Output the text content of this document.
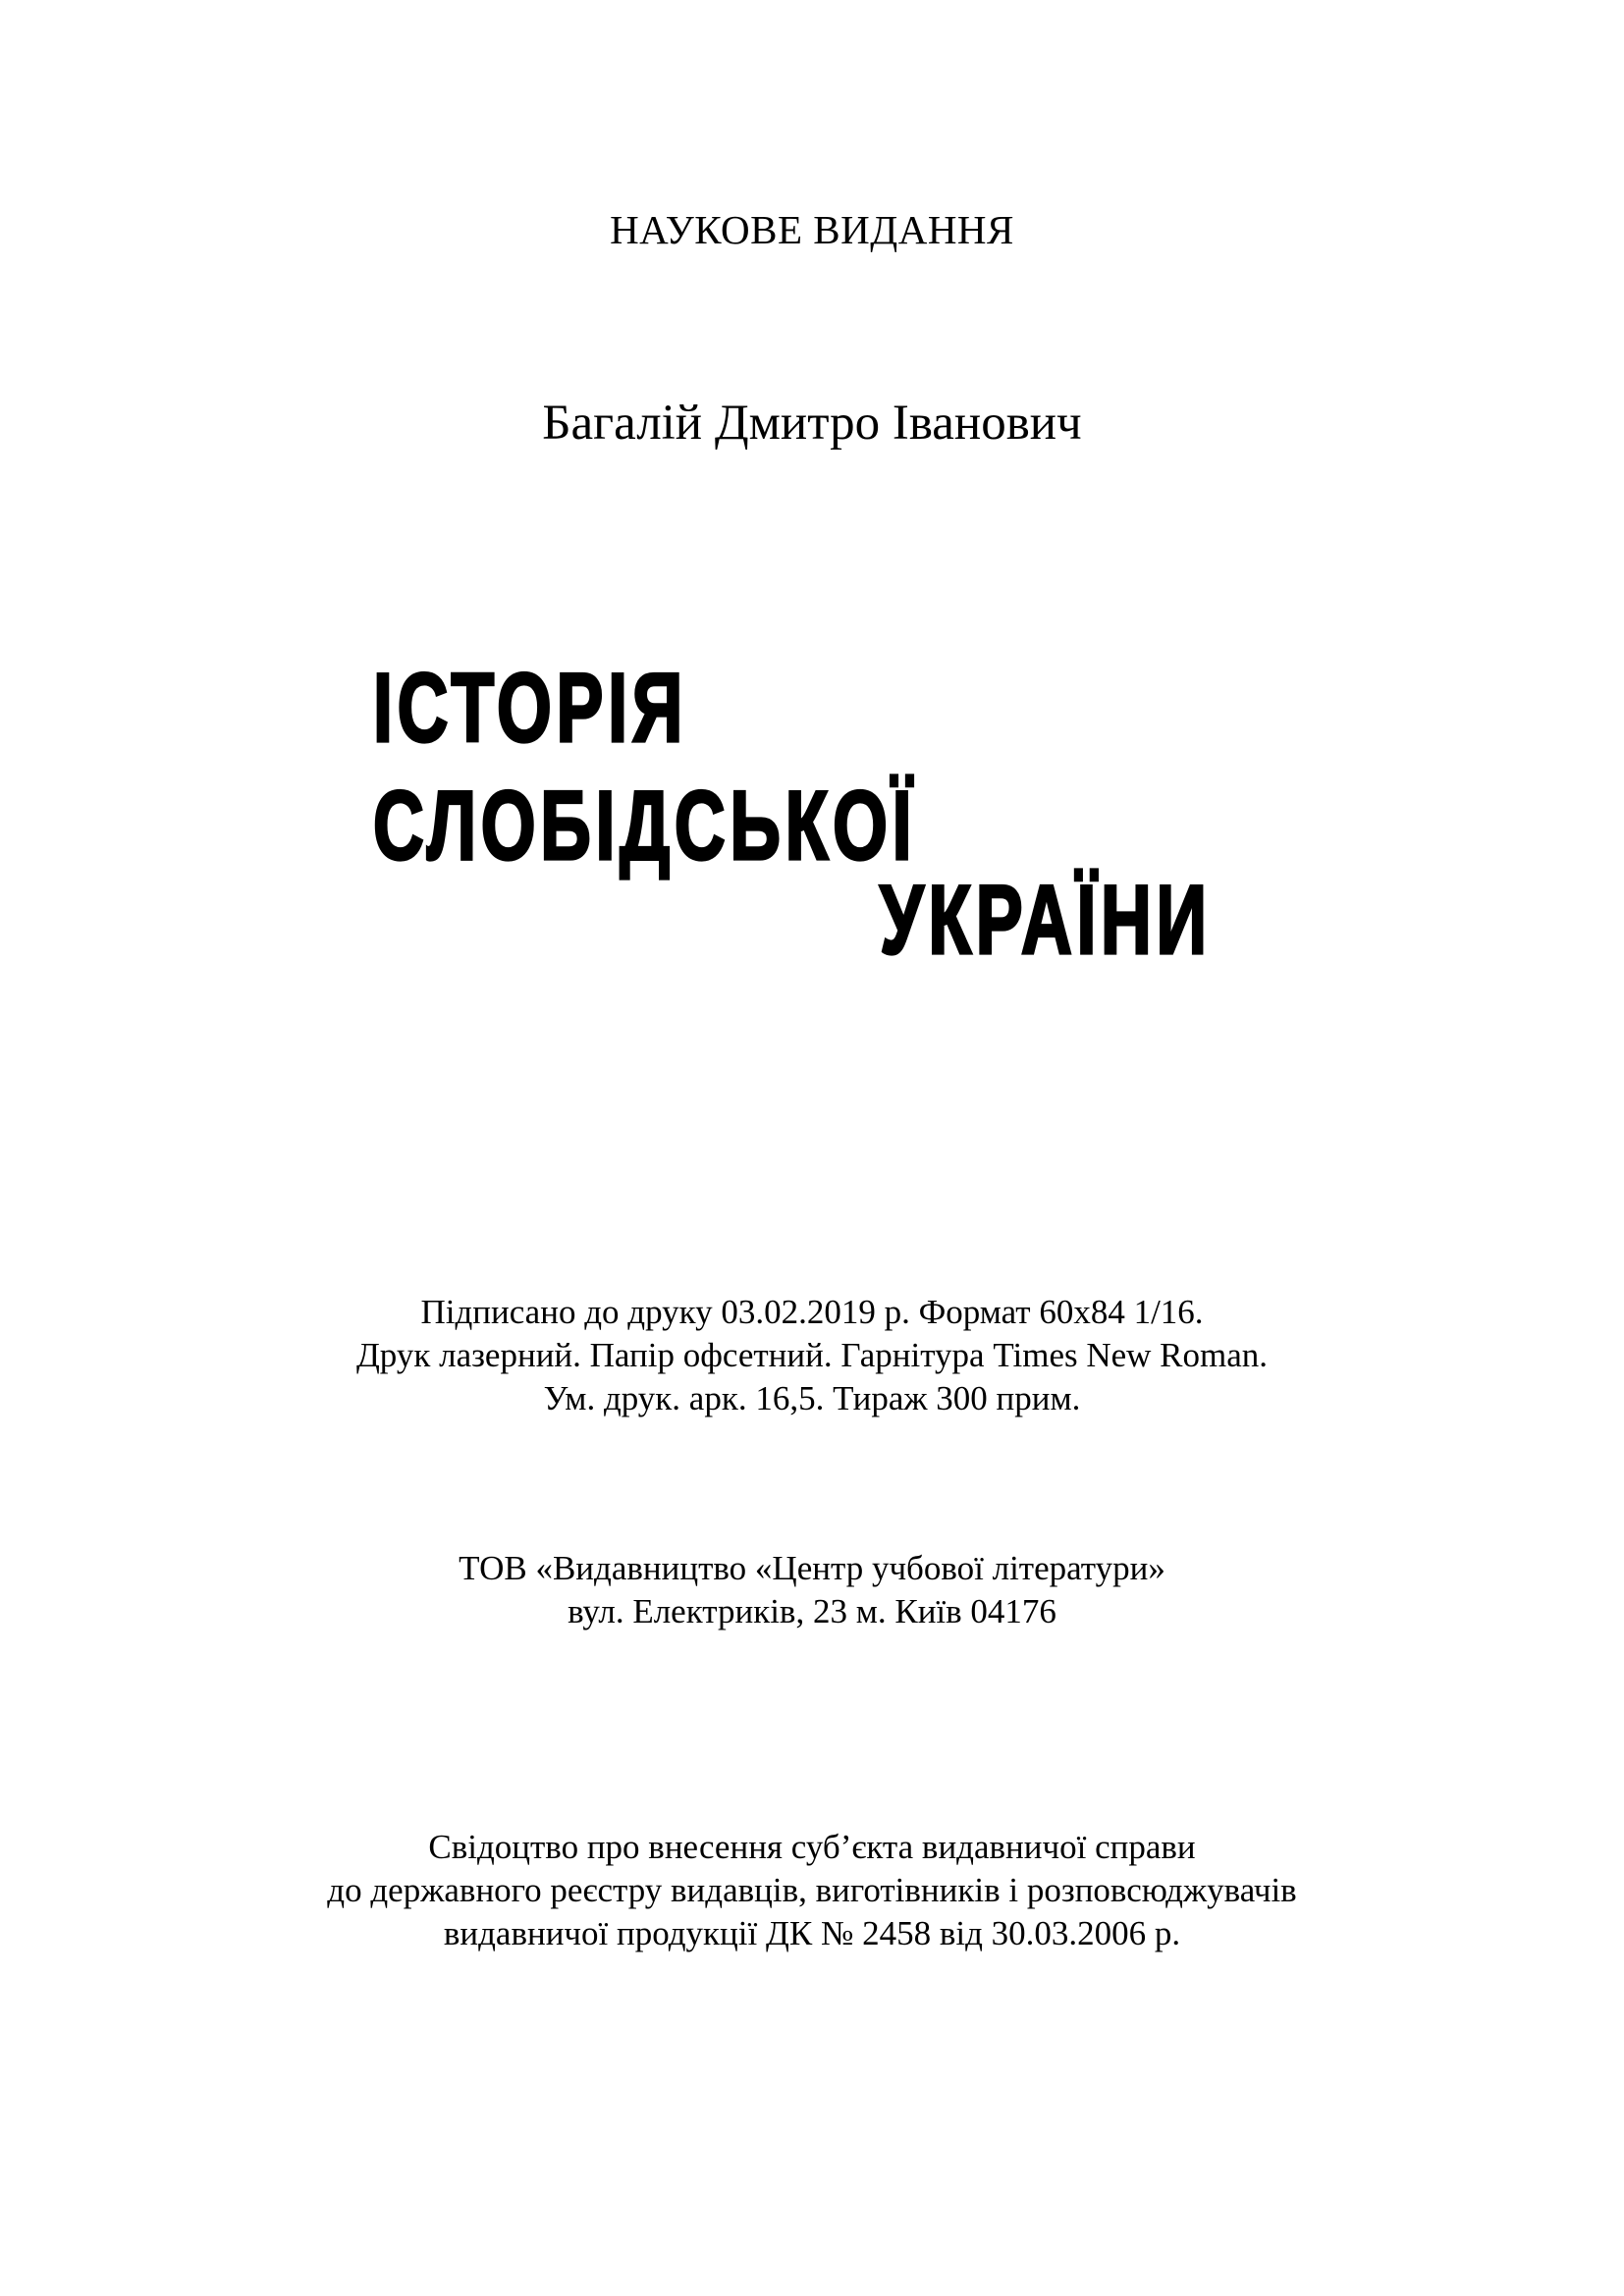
НАУКОВЕ ВИДАННЯ
Багалій Дмитро Іванович
ІСТОРІЯ
СЛОБІДСЬКОЇ
УКРАЇНИ
Підписано до друку 03.02.2019 р. Формат 60х84 1/16.
Друк лазерний. Папір офсетний. Гарнітура Times New Roman.
Ум. друк. арк. 16,5. Тираж 300 прим.
ТОВ «Видавництво «Центр учбової літератури»
вул. Електриків, 23 м. Київ 04176
Свідоцтво про внесення суб’єкта видавничої справи
до державного реєстру видавців, виготівників і розповсюджувачів
видавничої продукції ДК № 2458 від 30.03.2006 р.
